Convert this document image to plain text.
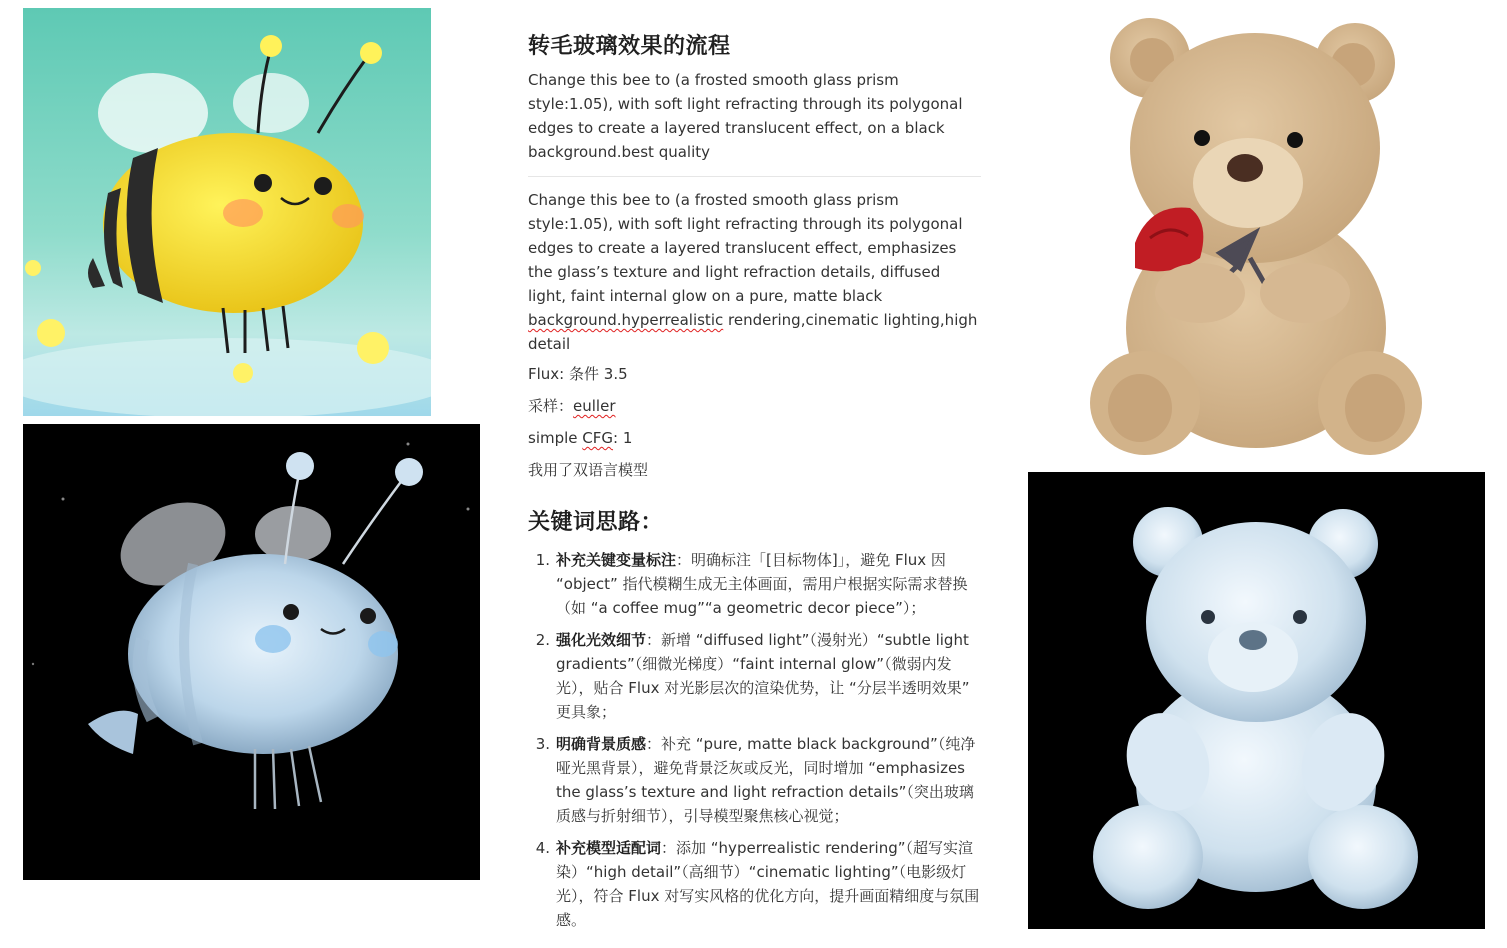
转毛玻璃效果的流程

Change this bee to (a frosted smooth glass prism style:1.05), with soft light refracting through its polygonal edges to create a layered translucent effect, on a black background.best quality

Change this bee to (a frosted smooth glass prism style:1.05), with soft light refracting through its polygonal edges to create a layered translucent effect, emphasizes the glass’s texture and light refraction details, diffused light, faint internal glow on a pure, matte black background.hyperrealistic rendering,cinematic lighting,high detail

Flux: 条件 3.5

采样：euller

simple CFG: 1

我用了双语言模型

关键词思路：
1. 补充关键变量标注：明确标注「[目标物体]」，避免 Flux 因 “object” 指代模糊生成无主体画面，需用户根据实际需求替换（如 “a coffee mug”“a geometric decor piece”）；
2. 强化光效细节：新增 “diffused light”（漫射光）“subtle light gradients”（细微光梯度）“faint internal glow”（微弱内发光），贴合 Flux 对光影层次的渲染优势，让 “分层半透明效果” 更具象；
3. 明确背景质感：补充 “pure, matte black background”（纯净哑光黑背景），避免背景泛灰或反光，同时增加 “emphasizes the glass’s texture and light refraction details”（突出玻璃质感与折射细节），引导模型聚焦核心视觉；
4. 补充模型适配词：添加 “hyperrealistic rendering”（超写实渲染）“high detail”（高细节）“cinematic lighting”（电影级灯光），符合 Flux 对写实风格的优化方向，提升画面精细度与氛围感。
